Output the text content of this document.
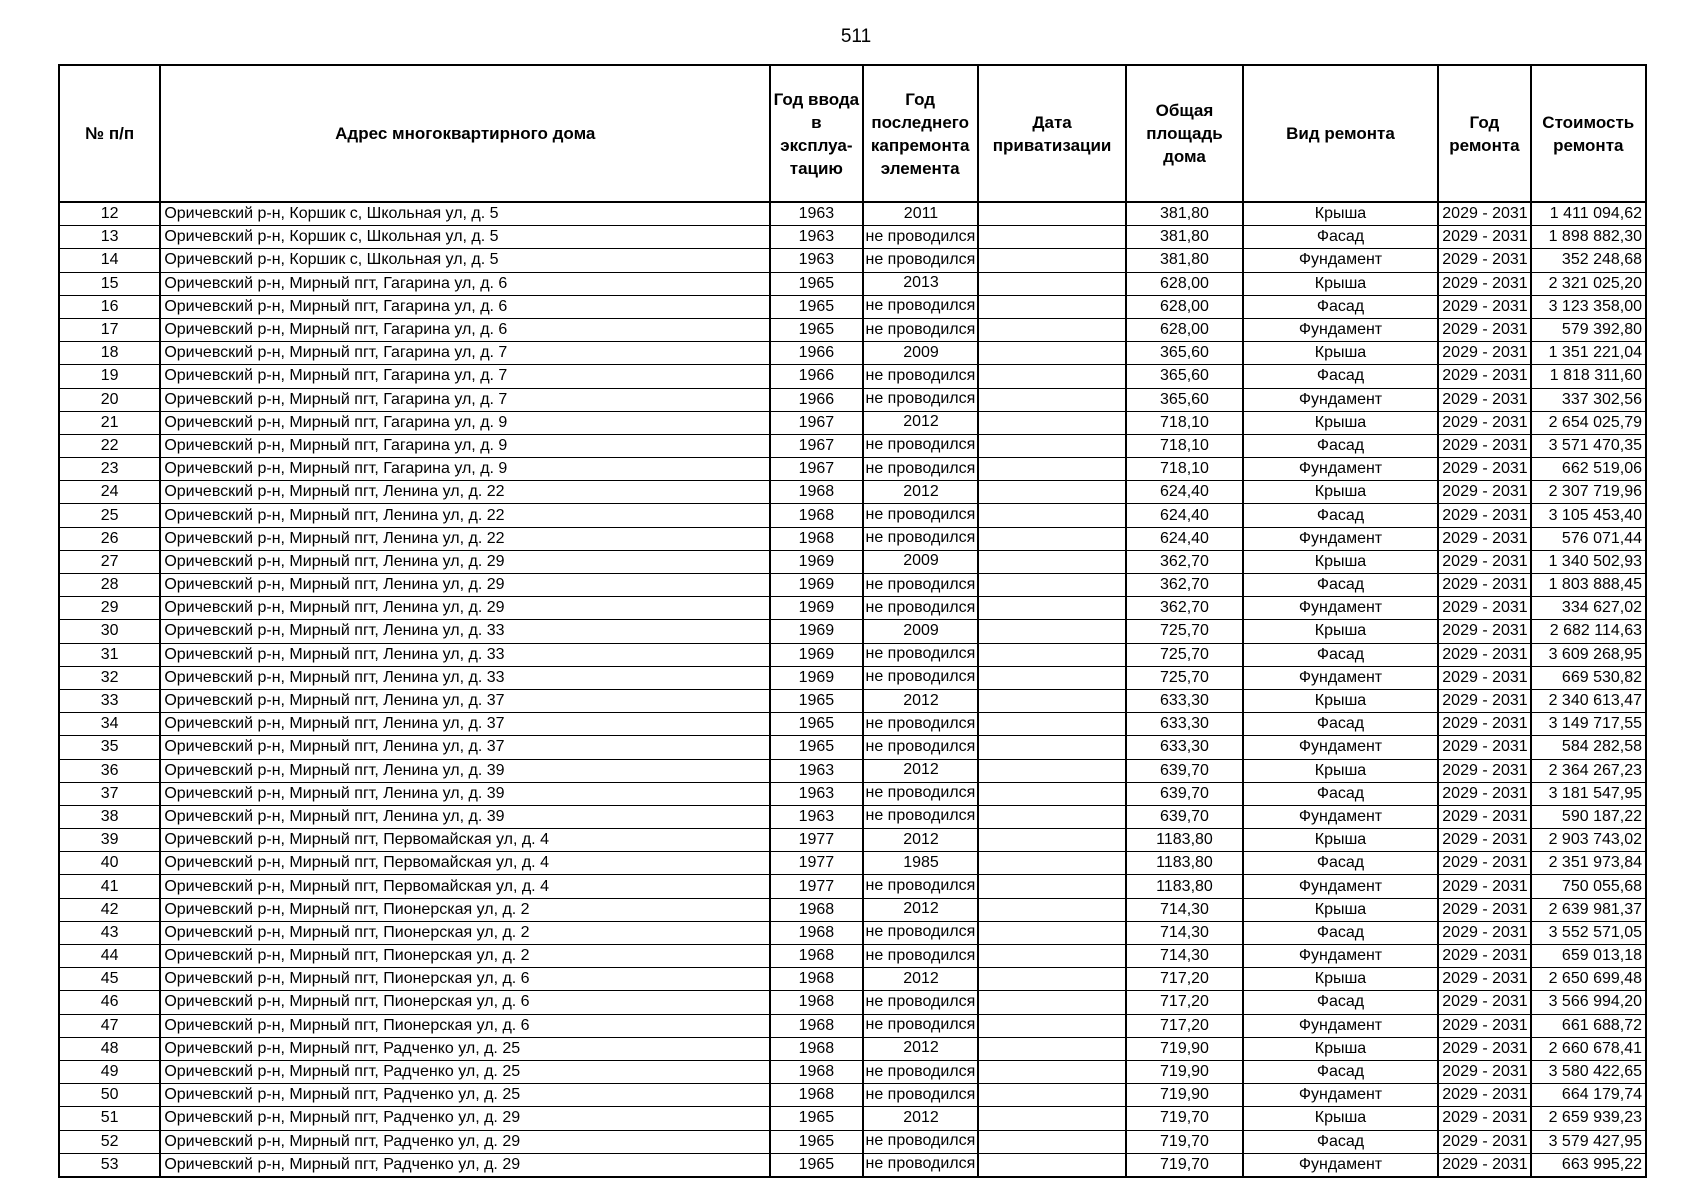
511
№ п/п	Адрес многоквартирного дома	Год ввода в эксплуа- тацию	Год последнего капремонта элемента	Дата приватизации	Общая площадь дома	Вид ремонта	Год ремонта	Стоимость ремонта
12	Оричевский р-н, Коршик с, Школьная ул, д. 5	1963	2011		381,80	Крыша	2029 - 2031	1 411 094,62
13	Оричевский р-н, Коршик с, Школьная ул, д. 5	1963	не проводился		381,80	Фасад	2029 - 2031	1 898 882,30
14	Оричевский р-н, Коршик с, Школьная ул, д. 5	1963	не проводился		381,80	Фундамент	2029 - 2031	352 248,68
15	Оричевский р-н, Мирный пгт, Гагарина ул, д. 6	1965	2013		628,00	Крыша	2029 - 2031	2 321 025,20
16	Оричевский р-н, Мирный пгт, Гагарина ул, д. 6	1965	не проводился		628,00	Фасад	2029 - 2031	3 123 358,00
17	Оричевский р-н, Мирный пгт, Гагарина ул, д. 6	1965	не проводился		628,00	Фундамент	2029 - 2031	579 392,80
18	Оричевский р-н, Мирный пгт, Гагарина ул, д. 7	1966	2009		365,60	Крыша	2029 - 2031	1 351 221,04
19	Оричевский р-н, Мирный пгт, Гагарина ул, д. 7	1966	не проводился		365,60	Фасад	2029 - 2031	1 818 311,60
20	Оричевский р-н, Мирный пгт, Гагарина ул, д. 7	1966	не проводился		365,60	Фундамент	2029 - 2031	337 302,56
21	Оричевский р-н, Мирный пгт, Гагарина ул, д. 9	1967	2012		718,10	Крыша	2029 - 2031	2 654 025,79
22	Оричевский р-н, Мирный пгт, Гагарина ул, д. 9	1967	не проводился		718,10	Фасад	2029 - 2031	3 571 470,35
23	Оричевский р-н, Мирный пгт, Гагарина ул, д. 9	1967	не проводился		718,10	Фундамент	2029 - 2031	662 519,06
24	Оричевский р-н, Мирный пгт, Ленина ул, д. 22	1968	2012		624,40	Крыша	2029 - 2031	2 307 719,96
25	Оричевский р-н, Мирный пгт, Ленина ул, д. 22	1968	не проводился		624,40	Фасад	2029 - 2031	3 105 453,40
26	Оричевский р-н, Мирный пгт, Ленина ул, д. 22	1968	не проводился		624,40	Фундамент	2029 - 2031	576 071,44
27	Оричевский р-н, Мирный пгт, Ленина ул, д. 29	1969	2009		362,70	Крыша	2029 - 2031	1 340 502,93
28	Оричевский р-н, Мирный пгт, Ленина ул, д. 29	1969	не проводился		362,70	Фасад	2029 - 2031	1 803 888,45
29	Оричевский р-н, Мирный пгт, Ленина ул, д. 29	1969	не проводился		362,70	Фундамент	2029 - 2031	334 627,02
30	Оричевский р-н, Мирный пгт, Ленина ул, д. 33	1969	2009		725,70	Крыша	2029 - 2031	2 682 114,63
31	Оричевский р-н, Мирный пгт, Ленина ул, д. 33	1969	не проводился		725,70	Фасад	2029 - 2031	3 609 268,95
32	Оричевский р-н, Мирный пгт, Ленина ул, д. 33	1969	не проводился		725,70	Фундамент	2029 - 2031	669 530,82
33	Оричевский р-н, Мирный пгт, Ленина ул, д. 37	1965	2012		633,30	Крыша	2029 - 2031	2 340 613,47
34	Оричевский р-н, Мирный пгт, Ленина ул, д. 37	1965	не проводился		633,30	Фасад	2029 - 2031	3 149 717,55
35	Оричевский р-н, Мирный пгт, Ленина ул, д. 37	1965	не проводился		633,30	Фундамент	2029 - 2031	584 282,58
36	Оричевский р-н, Мирный пгт, Ленина ул, д. 39	1963	2012		639,70	Крыша	2029 - 2031	2 364 267,23
37	Оричевский р-н, Мирный пгт, Ленина ул, д. 39	1963	не проводился		639,70	Фасад	2029 - 2031	3 181 547,95
38	Оричевский р-н, Мирный пгт, Ленина ул, д. 39	1963	не проводился		639,70	Фундамент	2029 - 2031	590 187,22
39	Оричевский р-н, Мирный пгт, Первомайская ул, д. 4	1977	2012		1183,80	Крыша	2029 - 2031	2 903 743,02
40	Оричевский р-н, Мирный пгт, Первомайская ул, д. 4	1977	1985		1183,80	Фасад	2029 - 2031	2 351 973,84
41	Оричевский р-н, Мирный пгт, Первомайская ул, д. 4	1977	не проводился		1183,80	Фундамент	2029 - 2031	750 055,68
42	Оричевский р-н, Мирный пгт, Пионерская ул, д. 2	1968	2012		714,30	Крыша	2029 - 2031	2 639 981,37
43	Оричевский р-н, Мирный пгт, Пионерская ул, д. 2	1968	не проводился		714,30	Фасад	2029 - 2031	3 552 571,05
44	Оричевский р-н, Мирный пгт, Пионерская ул, д. 2	1968	не проводился		714,30	Фундамент	2029 - 2031	659 013,18
45	Оричевский р-н, Мирный пгт, Пионерская ул, д. 6	1968	2012		717,20	Крыша	2029 - 2031	2 650 699,48
46	Оричевский р-н, Мирный пгт, Пионерская ул, д. 6	1968	не проводился		717,20	Фасад	2029 - 2031	3 566 994,20
47	Оричевский р-н, Мирный пгт, Пионерская ул, д. 6	1968	не проводился		717,20	Фундамент	2029 - 2031	661 688,72
48	Оричевский р-н, Мирный пгт, Радченко ул, д. 25	1968	2012		719,90	Крыша	2029 - 2031	2 660 678,41
49	Оричевский р-н, Мирный пгт, Радченко ул, д. 25	1968	не проводился		719,90	Фасад	2029 - 2031	3 580 422,65
50	Оричевский р-н, Мирный пгт, Радченко ул, д. 25	1968	не проводился		719,90	Фундамент	2029 - 2031	664 179,74
51	Оричевский р-н, Мирный пгт, Радченко ул, д. 29	1965	2012		719,70	Крыша	2029 - 2031	2 659 939,23
52	Оричевский р-н, Мирный пгт, Радченко ул, д. 29	1965	не проводился		719,70	Фасад	2029 - 2031	3 579 427,95
53	Оричевский р-н, Мирный пгт, Радченко ул, д. 29	1965	не проводился		719,70	Фундамент	2029 - 2031	663 995,22
